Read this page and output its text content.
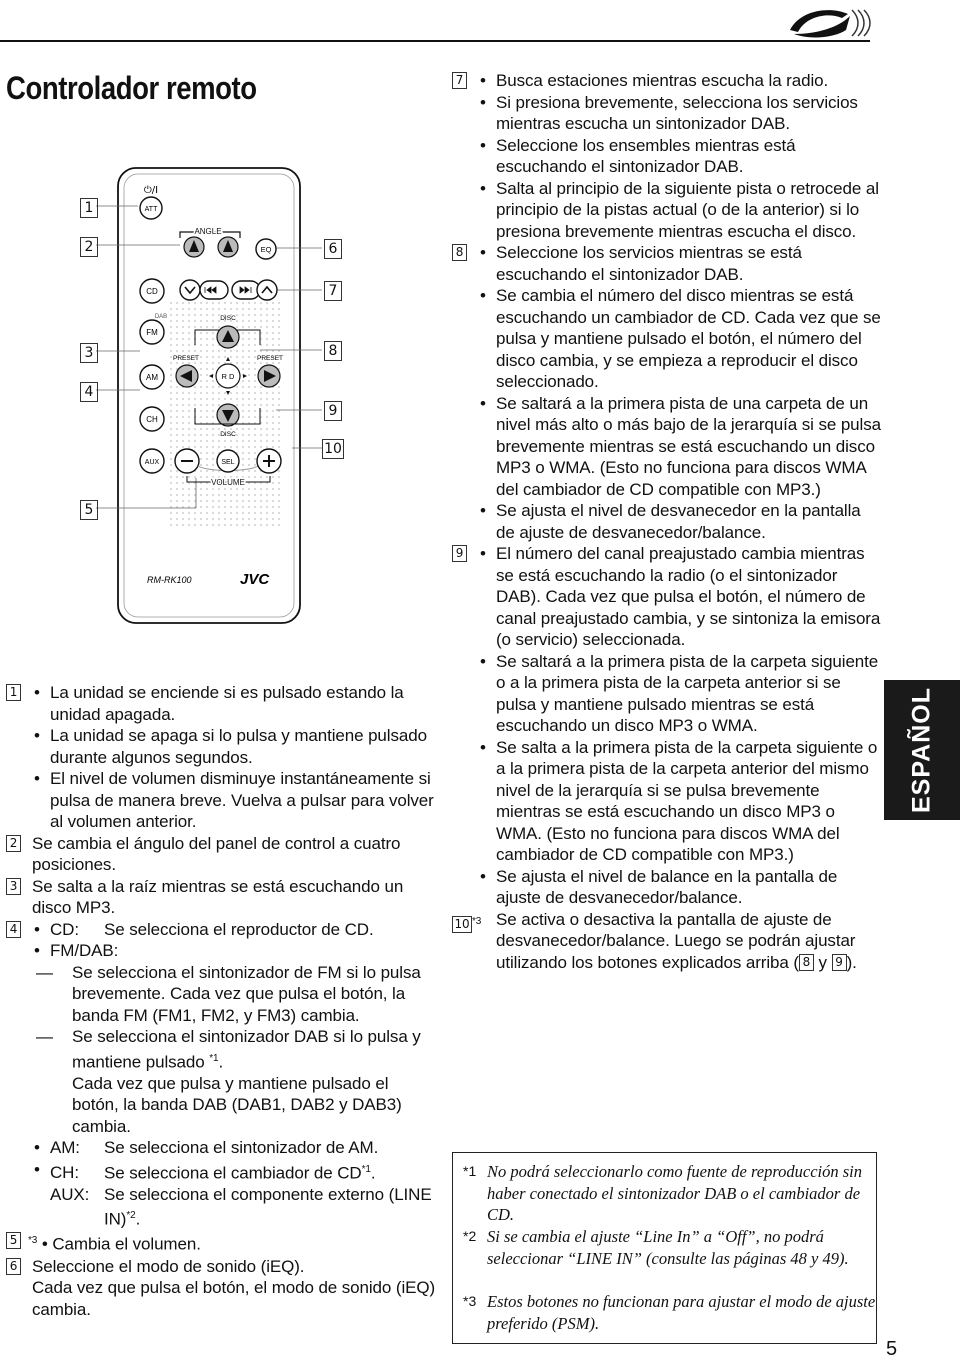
Controlador remoto
⏻/I
ATT
ANGLE
EQ
CD
DAB
FM
AM
CH
AUX
DISC
PRESET	PRESET
R D
DISC
SEL
VOLUME
RM-RK100	JVC
1
2
3
4
5
6
7
8
9
10
1	• La unidad se enciende si es pulsado estando la unidad apagada.
• La unidad se apaga si lo pulsa y mantiene pulsado durante algunos segundos.
• El nivel de volumen disminuye instantáneamente si pulsa de manera breve. Vuelva a pulsar para volver al volumen anterior.
2 Se cambia el ángulo del panel de control a cuatro posiciones.
3 Se salta a la raíz mientras se está escuchando un disco MP3.
4	• CD: Se selecciona el reproductor de CD.
• FM/DAB:
— Se selecciona el sintonizador de FM si lo pulsa brevemente. Cada vez que pulsa el botón, la banda FM (FM1, FM2, y FM3) cambia.
— Se selecciona el sintonizador DAB si lo pulsa y mantiene pulsado $^{*1}$.
Cada vez que pulsa y mantiene pulsado el botón, la banda DAB (DAB1, DAB2 y DAB3) cambia.
• AM: Se selecciona el sintonizador de AM.
• CH: Se selecciona el cambiador de CD$^{*1}$.
• AUX: Se selecciona el componente externo (LINE IN)$^{*2}$.
5	$^{*3}$ • Cambia el volumen.
6 Seleccione el modo de sonido (iEQ).
Cada vez que pulsa el botón, el modo de sonido (iEQ) cambia.
7	• Busca estaciones mientras escucha la radio.
• Si presiona brevemente, selecciona los servicios mientras escucha un sintonizador DAB.
• Seleccione los ensembles mientras está escuchando el sintonizador DAB.
• Salta al principio de la siguiente pista o retrocede al principio de la pistas actual (o de la anterior) si lo presiona brevemente mientras escucha el disco.
8	• Seleccione los servicios mientras se está escuchando el sintonizador DAB.
• Se cambia el número del disco mientras se está escuchando un cambiador de CD. Cada vez que se pulsa y mantiene pulsado el botón, el número del disco cambia, y se empieza a reproducir el disco seleccionado.
• Se saltará a la primera pista de una carpeta de un nivel más alto o más bajo de la jerarquía si se pulsa brevemente mientras se está escuchando un disco MP3 o WMA. (Esto no funciona para discos WMA del cambiador de CD compatible con MP3.)
• Se ajusta el nivel de desvanecedor en la pantalla de ajuste de desvanecedor/balance.
9	• El número del canal preajustado cambia mientras se está escuchando la radio (o el sintonizador DAB). Cada vez que pulsa el botón, el número de canal preajustado cambia, y se sintoniza la emisora (o servicio) seleccionada.
• Se saltará a la primera pista de la carpeta siguiente o a la primera pista de la carpeta anterior si se pulsa y mantiene pulsado mientras se está escuchando un disco MP3 o WMA.
• Se salta a la primera pista de la carpeta siguiente o a la primera pista de la carpeta anterior del mismo nivel de la jerarquía si se pulsa brevemente mientras se está escuchando un disco MP3 o WMA. (Esto no funciona para discos WMA del cambiador de CD compatible con MP3.)
• Se ajusta el nivel de balance en la pantalla de ajuste de desvanecedor/balance.
10 $^{*3}$ Se activa o desactiva la pantalla de ajuste de desvanecedor/balance. Luego se podrán ajustar utilizando los botones explicados arriba ( 8 y 9 ).
*1 No podrá seleccionarlo como fuente de reproducción sin haber conectado el sintonizador DAB o el cambiador de CD.
*2 Si se cambia el ajuste “Line In” a “Off”, no podrá seleccionar “LINE IN” (consulte las páginas 48 y 49).
*3 Estos botones no funcionan para ajustar el modo de ajuste preferido (PSM).
ESPAÑOL
5
